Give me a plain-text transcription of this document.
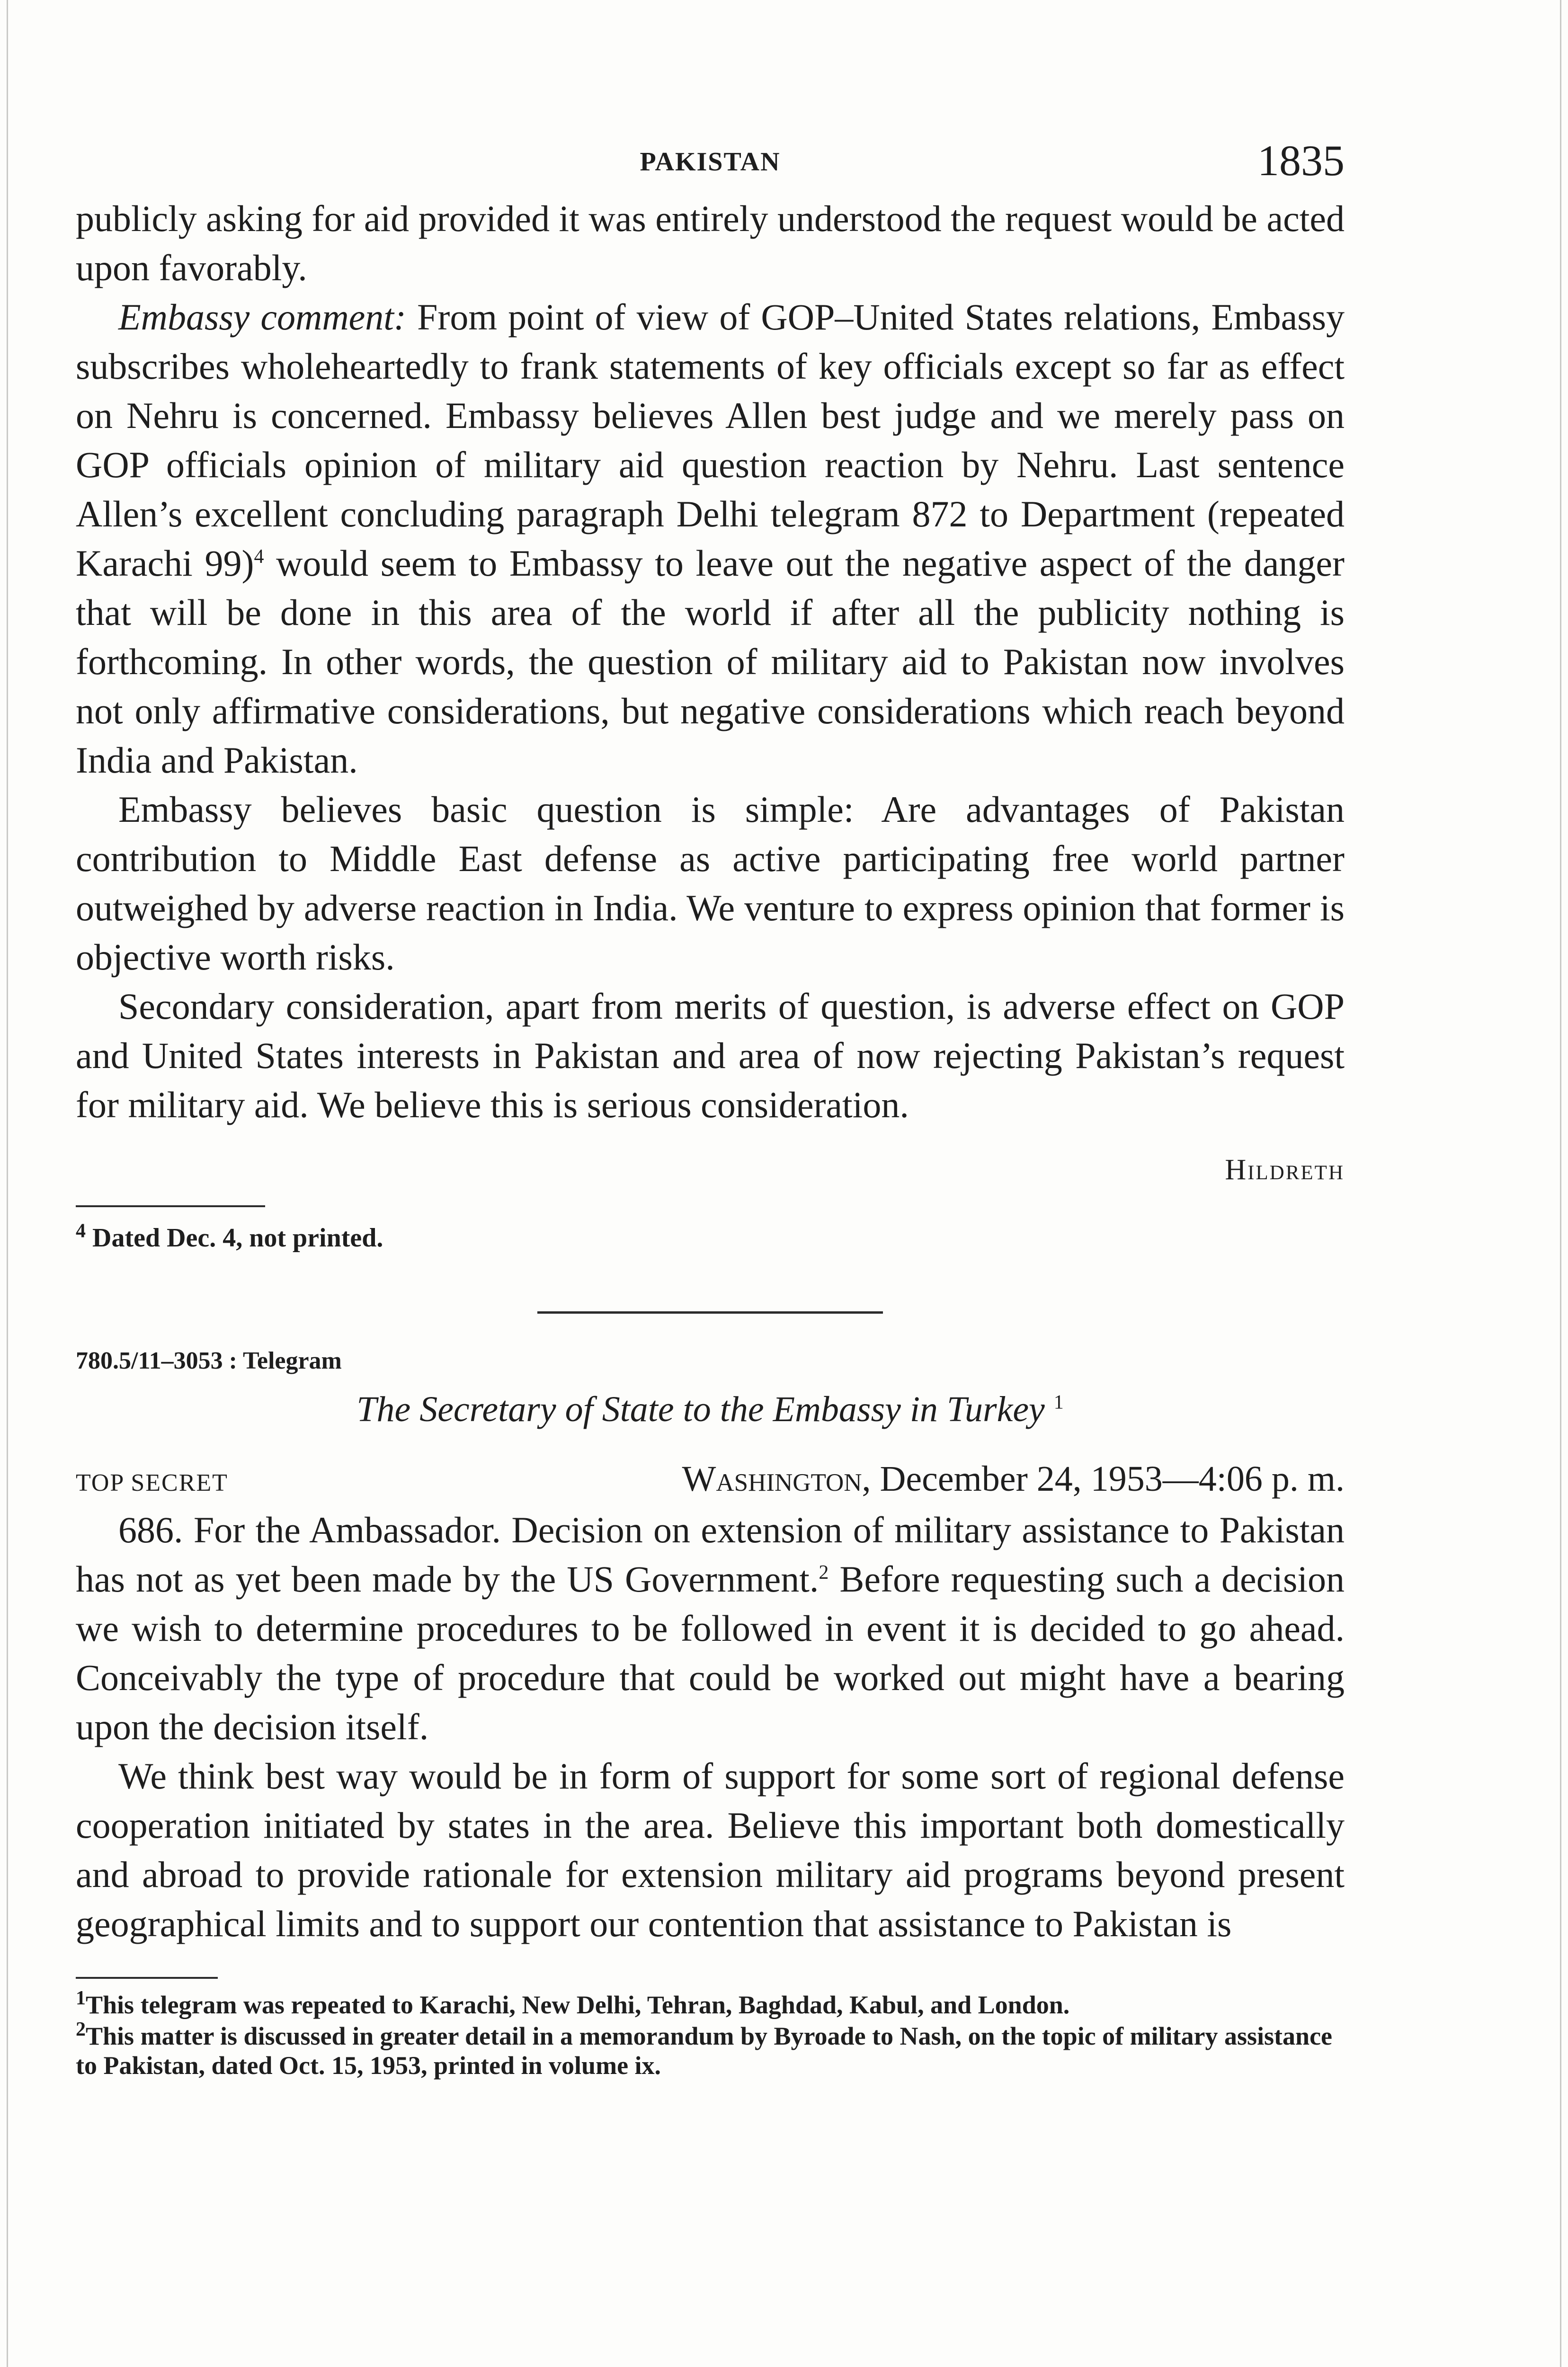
PAKISTAN	1835

publicly asking for aid provided it was entirely understood the request would be acted upon favorably.

Embassy comment: From point of view of GOP–United States relations, Embassy subscribes wholeheartedly to frank statements of key officials except so far as effect on Nehru is concerned. Embassy believes Allen best judge and we merely pass on GOP officials opinion of military aid question reaction by Nehru. Last sentence Allen’s excellent concluding paragraph Delhi telegram 872 to Department (repeated Karachi 99)$^4$ would seem to Embassy to leave out the negative aspect of the danger that will be done in this area of the world if after all the publicity nothing is forthcoming. In other words, the question of military aid to Pakistan now involves not only affirmative considerations, but negative considerations which reach beyond India and Pakistan.

Embassy believes basic question is simple: Are advantages of Pakistan contribution to Middle East defense as active participating free world partner outweighed by adverse reaction in India. We venture to express opinion that former is objective worth risks.

Secondary consideration, apart from merits of question, is adverse effect on GOP and United States interests in Pakistan and area of now rejecting Pakistan’s request for military aid. We believe this is serious consideration.

Hildreth

$^4$ Dated Dec. 4, not printed.

780.5/11–3053 : Telegram

The Secretary of State to the Embassy in Turkey $^1$

TOP SECRET	Washington, December 24, 1953—4:06 p. m.

686. For the Ambassador. Decision on extension of military assistance to Pakistan has not as yet been made by the US Government.$^2$ Before requesting such a decision we wish to determine procedures to be followed in event it is decided to go ahead. Conceivably the type of procedure that could be worked out might have a bearing upon the decision itself.

We think best way would be in form of support for some sort of regional defense cooperation initiated by states in the area. Believe this important both domestically and abroad to provide rationale for extension military aid programs beyond present geographical limits and to support our contention that assistance to Pakistan is

$^1$This telegram was repeated to Karachi, New Delhi, Tehran, Baghdad, Kabul, and London.

$^2$This matter is discussed in greater detail in a memorandum by Byroade to Nash, on the topic of military assistance to Pakistan, dated Oct. 15, 1953, printed in volume ix.
